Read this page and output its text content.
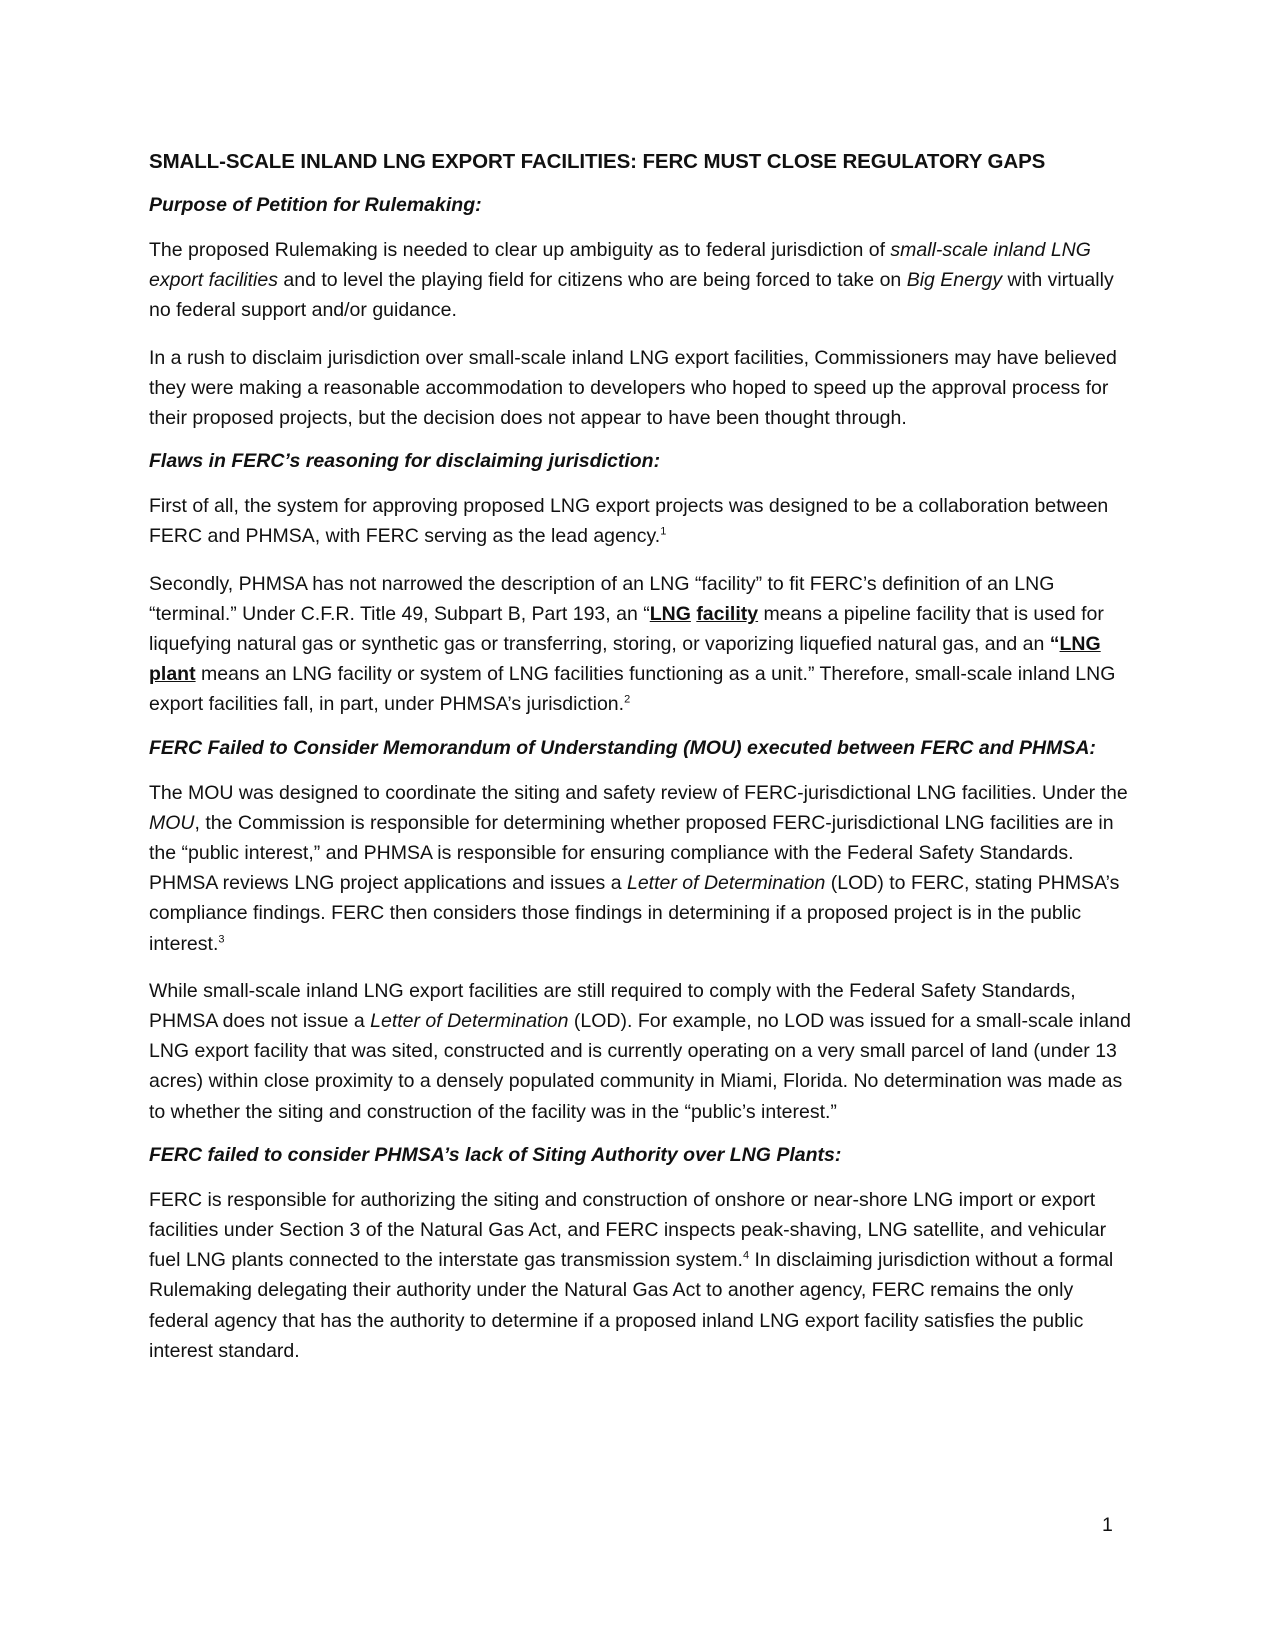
SMALL-SCALE INLAND LNG EXPORT FACILITIES: FERC MUST CLOSE REGULATORY GAPS
Purpose of Petition for Rulemaking:

The proposed Rulemaking is needed to clear up ambiguity as to federal jurisdiction of small-scale inland LNG export facilities and to level the playing field for citizens who are being forced to take on Big Energy with virtually no federal support and/or guidance.

In a rush to disclaim jurisdiction over small-scale inland LNG export facilities, Commissioners may have believed they were making a reasonable accommodation to developers who hoped to speed up the approval process for their proposed projects, but the decision does not appear to have been thought through.

Flaws in FERC’s reasoning for disclaiming jurisdiction:

First of all, the system for approving proposed LNG export projects was designed to be a collaboration between FERC and PHMSA, with FERC serving as the lead agency.$^1$

Secondly, PHMSA has not narrowed the description of an LNG “facility” to fit FERC’s definition of an LNG “terminal.” Under C.F.R. Title 49, Subpart B, Part 193, an “LNG facility means a pipeline facility that is used for liquefying natural gas or synthetic gas or transferring, storing, or vaporizing liquefied natural gas, and an “LNG plant means an LNG facility or system of LNG facilities functioning as a unit.” Therefore, small-scale inland LNG export facilities fall, in part, under PHMSA’s jurisdiction.$^2$

FERC Failed to Consider Memorandum of Understanding (MOU) executed between FERC and PHMSA:

The MOU was designed to coordinate the siting and safety review of FERC-jurisdictional LNG facilities. Under the MOU, the Commission is responsible for determining whether proposed FERC-jurisdictional LNG facilities are in the “public interest,” and PHMSA is responsible for ensuring compliance with the Federal Safety Standards. PHMSA reviews LNG project applications and issues a Letter of Determination (LOD) to FERC, stating PHMSA’s compliance findings. FERC then considers those findings in determining if a proposed project is in the public interest.$^3$

While small-scale inland LNG export facilities are still required to comply with the Federal Safety Standards, PHMSA does not issue a Letter of Determination (LOD). For example, no LOD was issued for a small-scale inland LNG export facility that was sited, constructed and is currently operating on a very small parcel of land (under 13 acres) within close proximity to a densely populated community in Miami, Florida. No determination was made as to whether the siting and construction of the facility was in the “public’s interest.”

FERC failed to consider PHMSA’s lack of Siting Authority over LNG Plants:

FERC is responsible for authorizing the siting and construction of onshore or near-shore LNG import or export facilities under Section 3 of the Natural Gas Act, and FERC inspects peak-shaving, LNG satellite, and vehicular fuel LNG plants connected to the interstate gas transmission system.$^4$ In disclaiming jurisdiction without a formal Rulemaking delegating their authority under the Natural Gas Act to another agency, FERC remains the only federal agency that has the authority to determine if a proposed inland LNG export facility satisfies the public interest standard.

1
